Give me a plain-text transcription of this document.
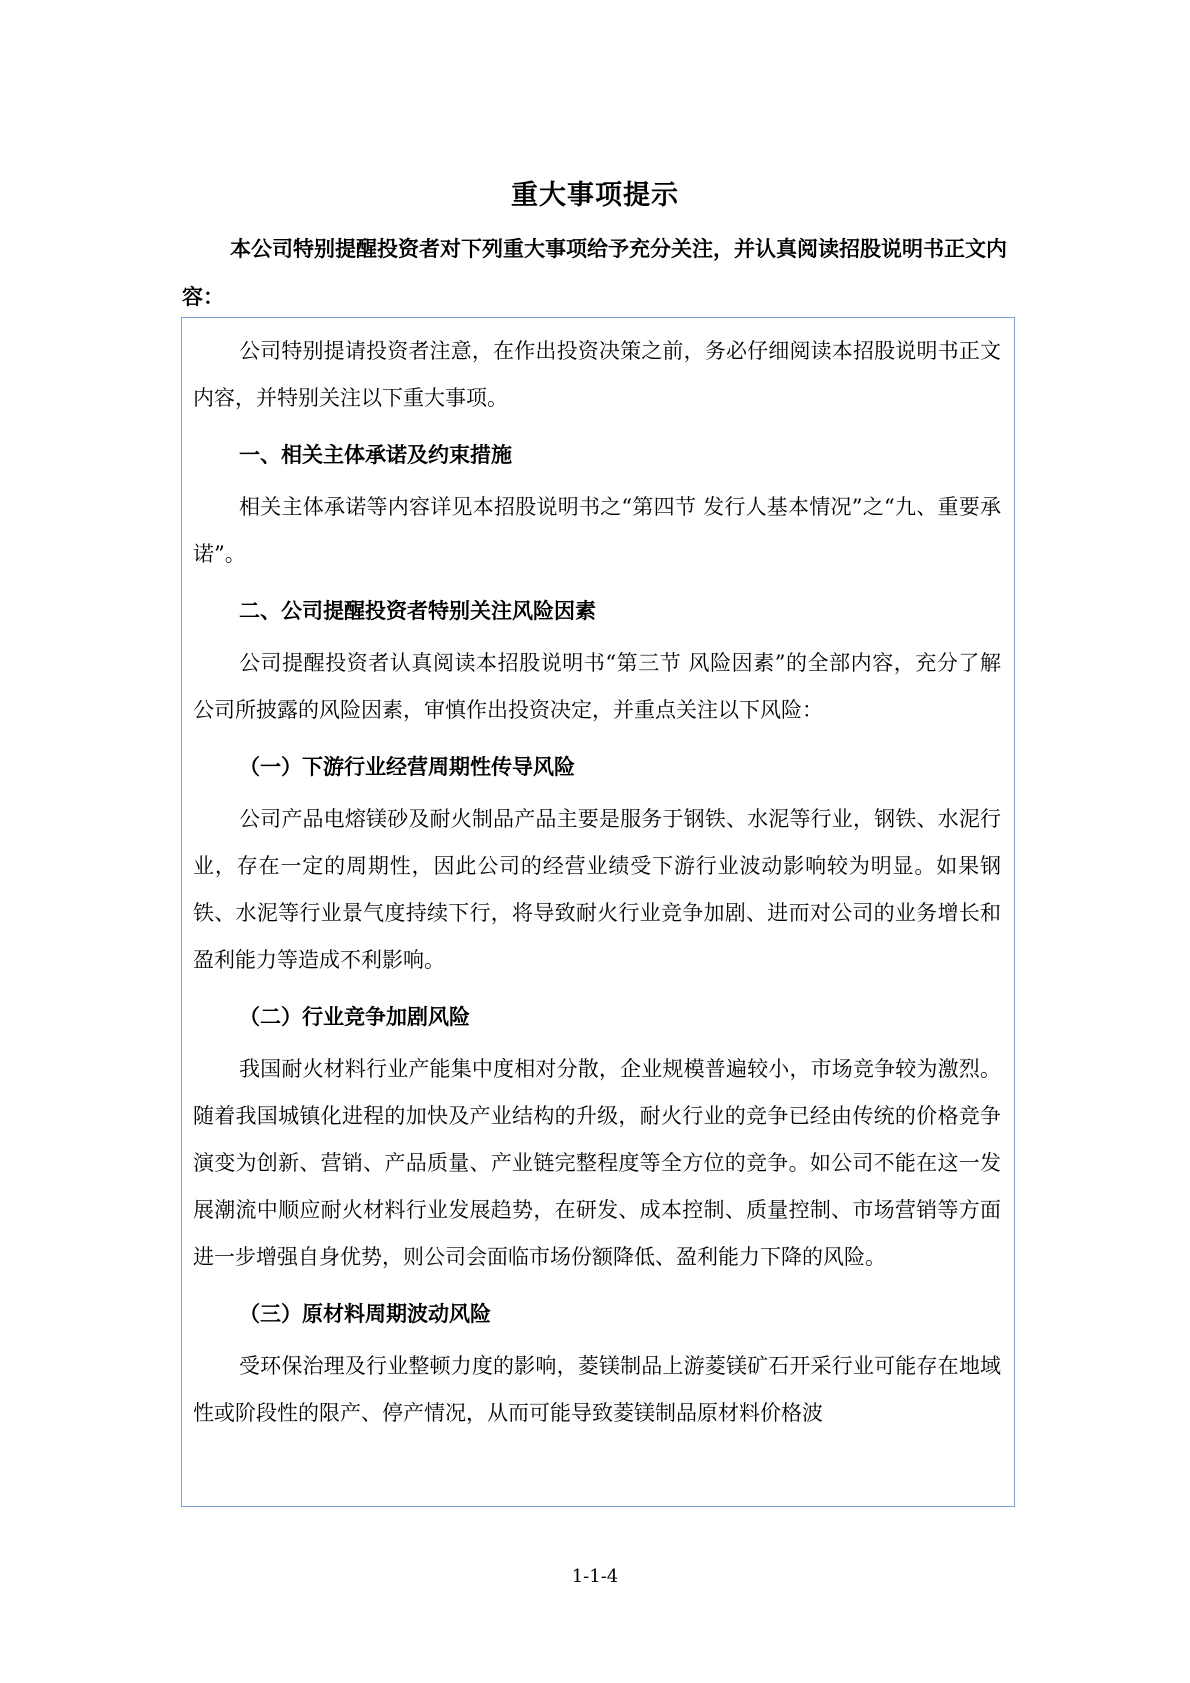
重大事项提示

本公司特别提醒投资者对下列重大事项给予充分关注，并认真阅读招股说明书正文内容：

公司特别提请投资者注意，在作出投资决策之前，务必仔细阅读本招股说明书正文内容，并特别关注以下重大事项。

一、相关主体承诺及约束措施

相关主体承诺等内容详见本招股说明书之“第四节 发行人基本情况”之“九、重要承诺”。

二、公司提醒投资者特别关注风险因素

公司提醒投资者认真阅读本招股说明书“第三节 风险因素”的全部内容，充分了解公司所披露的风险因素，审慎作出投资决定，并重点关注以下风险：

（一）下游行业经营周期性传导风险

公司产品电熔镁砂及耐火制品产品主要是服务于钢铁、水泥等行业，钢铁、水泥行业，存在一定的周期性，因此公司的经营业绩受下游行业波动影响较为明显。如果钢铁、水泥等行业景气度持续下行，将导致耐火行业竞争加剧、进而对公司的业务增长和盈利能力等造成不利影响。

（二）行业竞争加剧风险

我国耐火材料行业产能集中度相对分散，企业规模普遍较小，市场竞争较为激烈。随着我国城镇化进程的加快及产业结构的升级，耐火行业的竞争已经由传统的价格竞争演变为创新、营销、产品质量、产业链完整程度等全方位的竞争。如公司不能在这一发展潮流中顺应耐火材料行业发展趋势，在研发、成本控制、质量控制、市场营销等方面进一步增强自身优势，则公司会面临市场份额降低、盈利能力下降的风险。

（三）原材料周期波动风险

受环保治理及行业整顿力度的影响，菱镁制品上游菱镁矿石开采行业可能存在地域性或阶段性的限产、停产情况，从而可能导致菱镁制品原材料价格波

1-1-4
